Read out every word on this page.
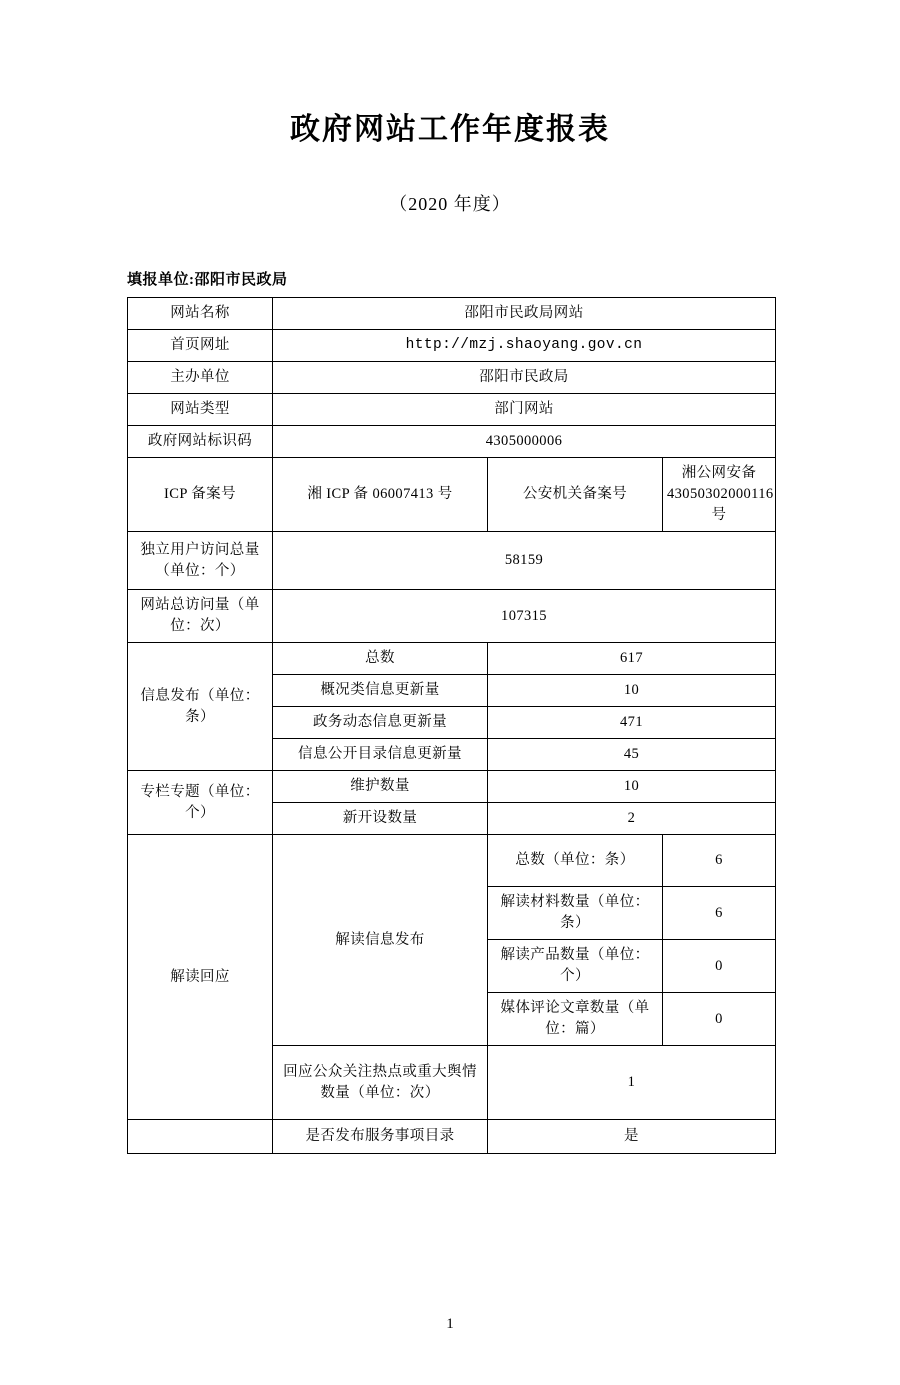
政府网站工作年度报表
（2020 年度）
填报单位:邵阳市民政局
网站名称	邵阳市民政局网站		
首页网址	http://mzj.shaoyang.gov.cn		
主办单位	邵阳市民政局		
网站类型	部门网站		
政府网站标识码	4305000006		
ICP 备案号	湘 ICP 备 06007413 号	公安机关备案号	湘公网安备 43050302000116 号
独立用户访问总量（单位：个）	58159		
网站总访问量（单位：次）	107315		
信息发布（单位：条）	总数	617	
	概况类信息更新量	10	
	政务动态信息更新量	471	
	信息公开目录信息更新量	45	
专栏专题（单位：个）	维护数量	10	
	新开设数量	2	
解读回应	解读信息发布	总数（单位：条）	6
		解读材料数量（单位：条）	6
		解读产品数量（单位：个）	0
		媒体评论文章数量（单位：篇）	0
	回应公众关注热点或重大舆情数量（单位：次）	1	
	是否发布服务事项目录	是	
1
